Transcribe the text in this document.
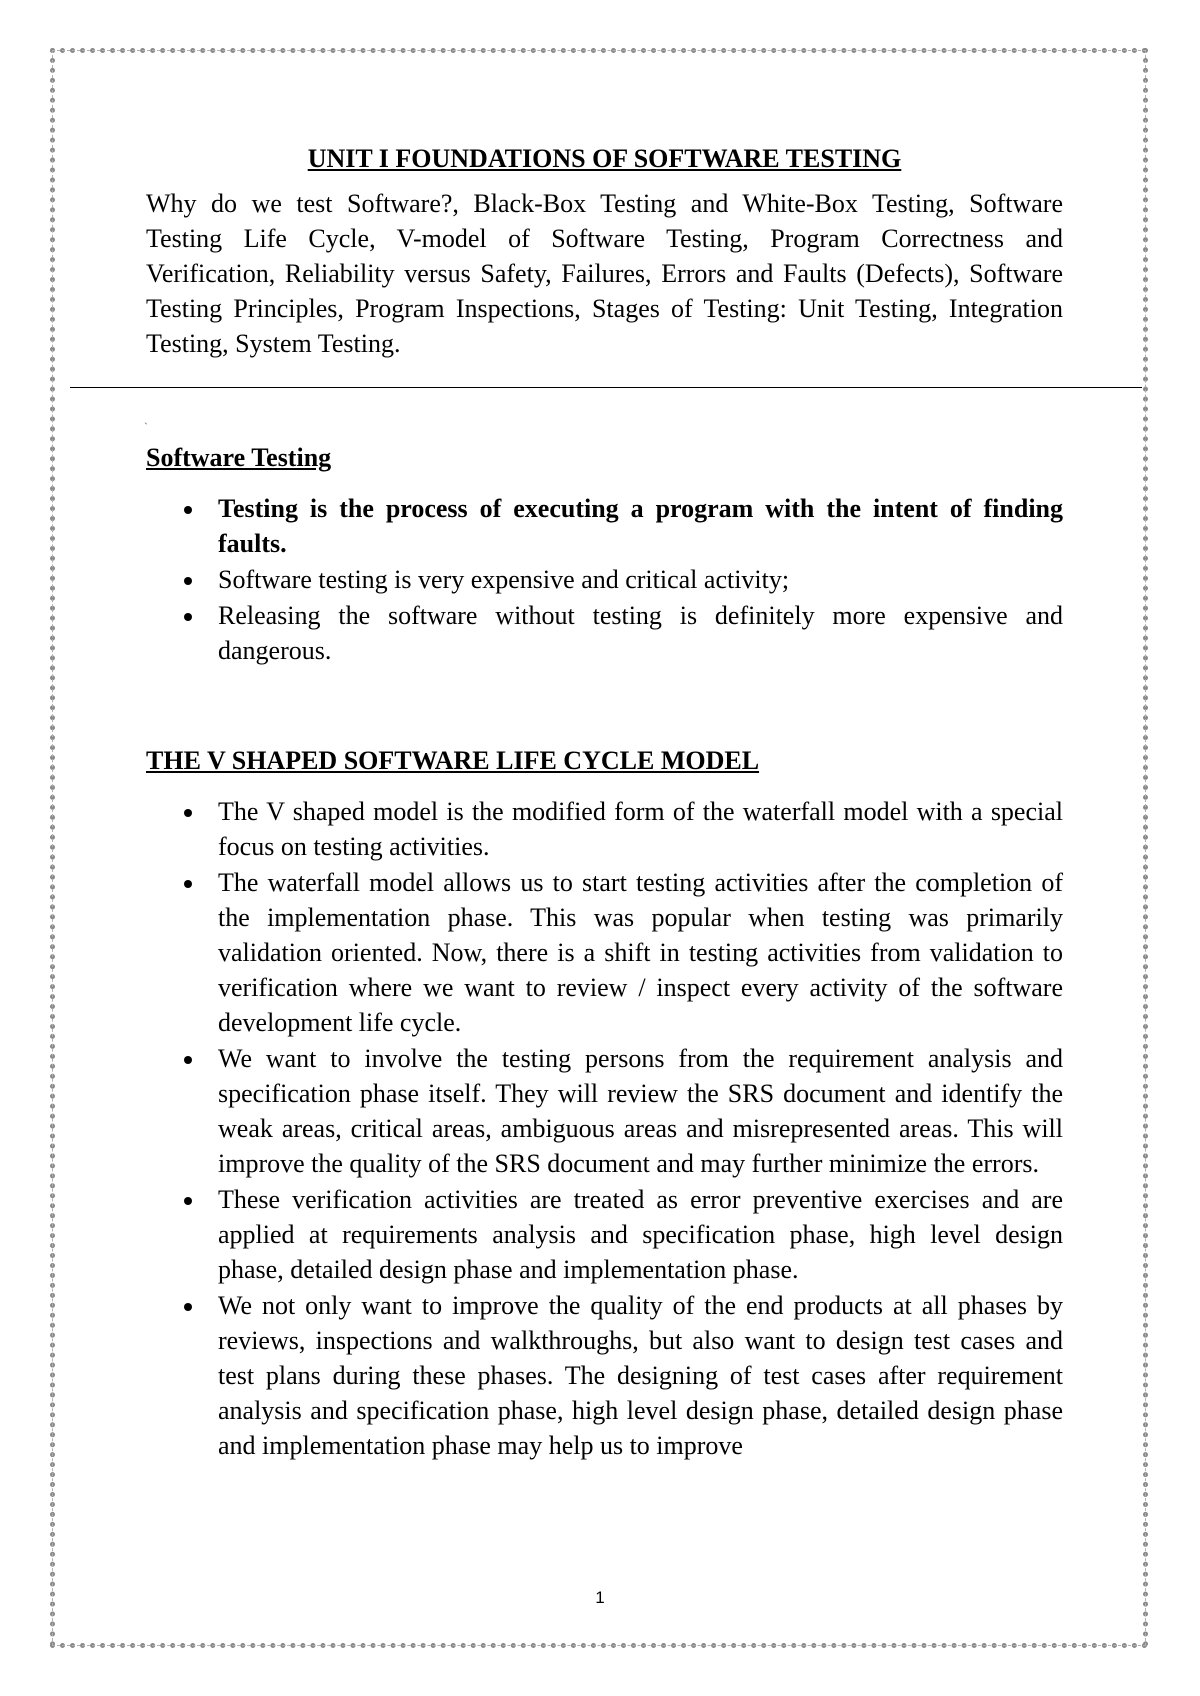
UNIT I FOUNDATIONS OF SOFTWARE TESTING

Why do we test Software?, Black-Box Testing and White-Box Testing, Software Testing Life Cycle, V-model of Software Testing, Program Correctness and Verification, Reliability versus Safety, Failures, Errors and Faults (Defects), Software Testing Principles, Program Inspections, Stages of Testing: Unit Testing, Integration Testing, System Testing.

`
Software Testing
Testing is the process of executing a program with the intent of finding faults.
Software testing is very expensive and critical activity;
Releasing the software without testing is definitely more expensive and dangerous.
THE V SHAPED SOFTWARE LIFE CYCLE MODEL
The V shaped model is the modified form of the waterfall model with a special focus on testing activities.
The waterfall model allows us to start testing activities after the completion of the implementation phase. This was popular when testing was primarily validation oriented. Now, there is a shift in testing activities from validation to verification where we want to review / inspect every activity of the software development life cycle.
We want to involve the testing persons from the requirement analysis and specification phase itself. They will review the SRS document and identify the weak areas, critical areas, ambiguous areas and misrepresented areas. This will improve the quality of the SRS document and may further minimize the errors.
These verification activities are treated as error preventive exercises and are applied at requirements analysis and specification phase, high level design phase, detailed design phase and implementation phase.
We not only want to improve the quality of the end products at all phases by reviews, inspections and walkthroughs, but also want to design test cases and test plans during these phases. The designing of test cases after requirement analysis and specification phase, high level design phase, detailed design phase and implementation phase may help us to improve
1
